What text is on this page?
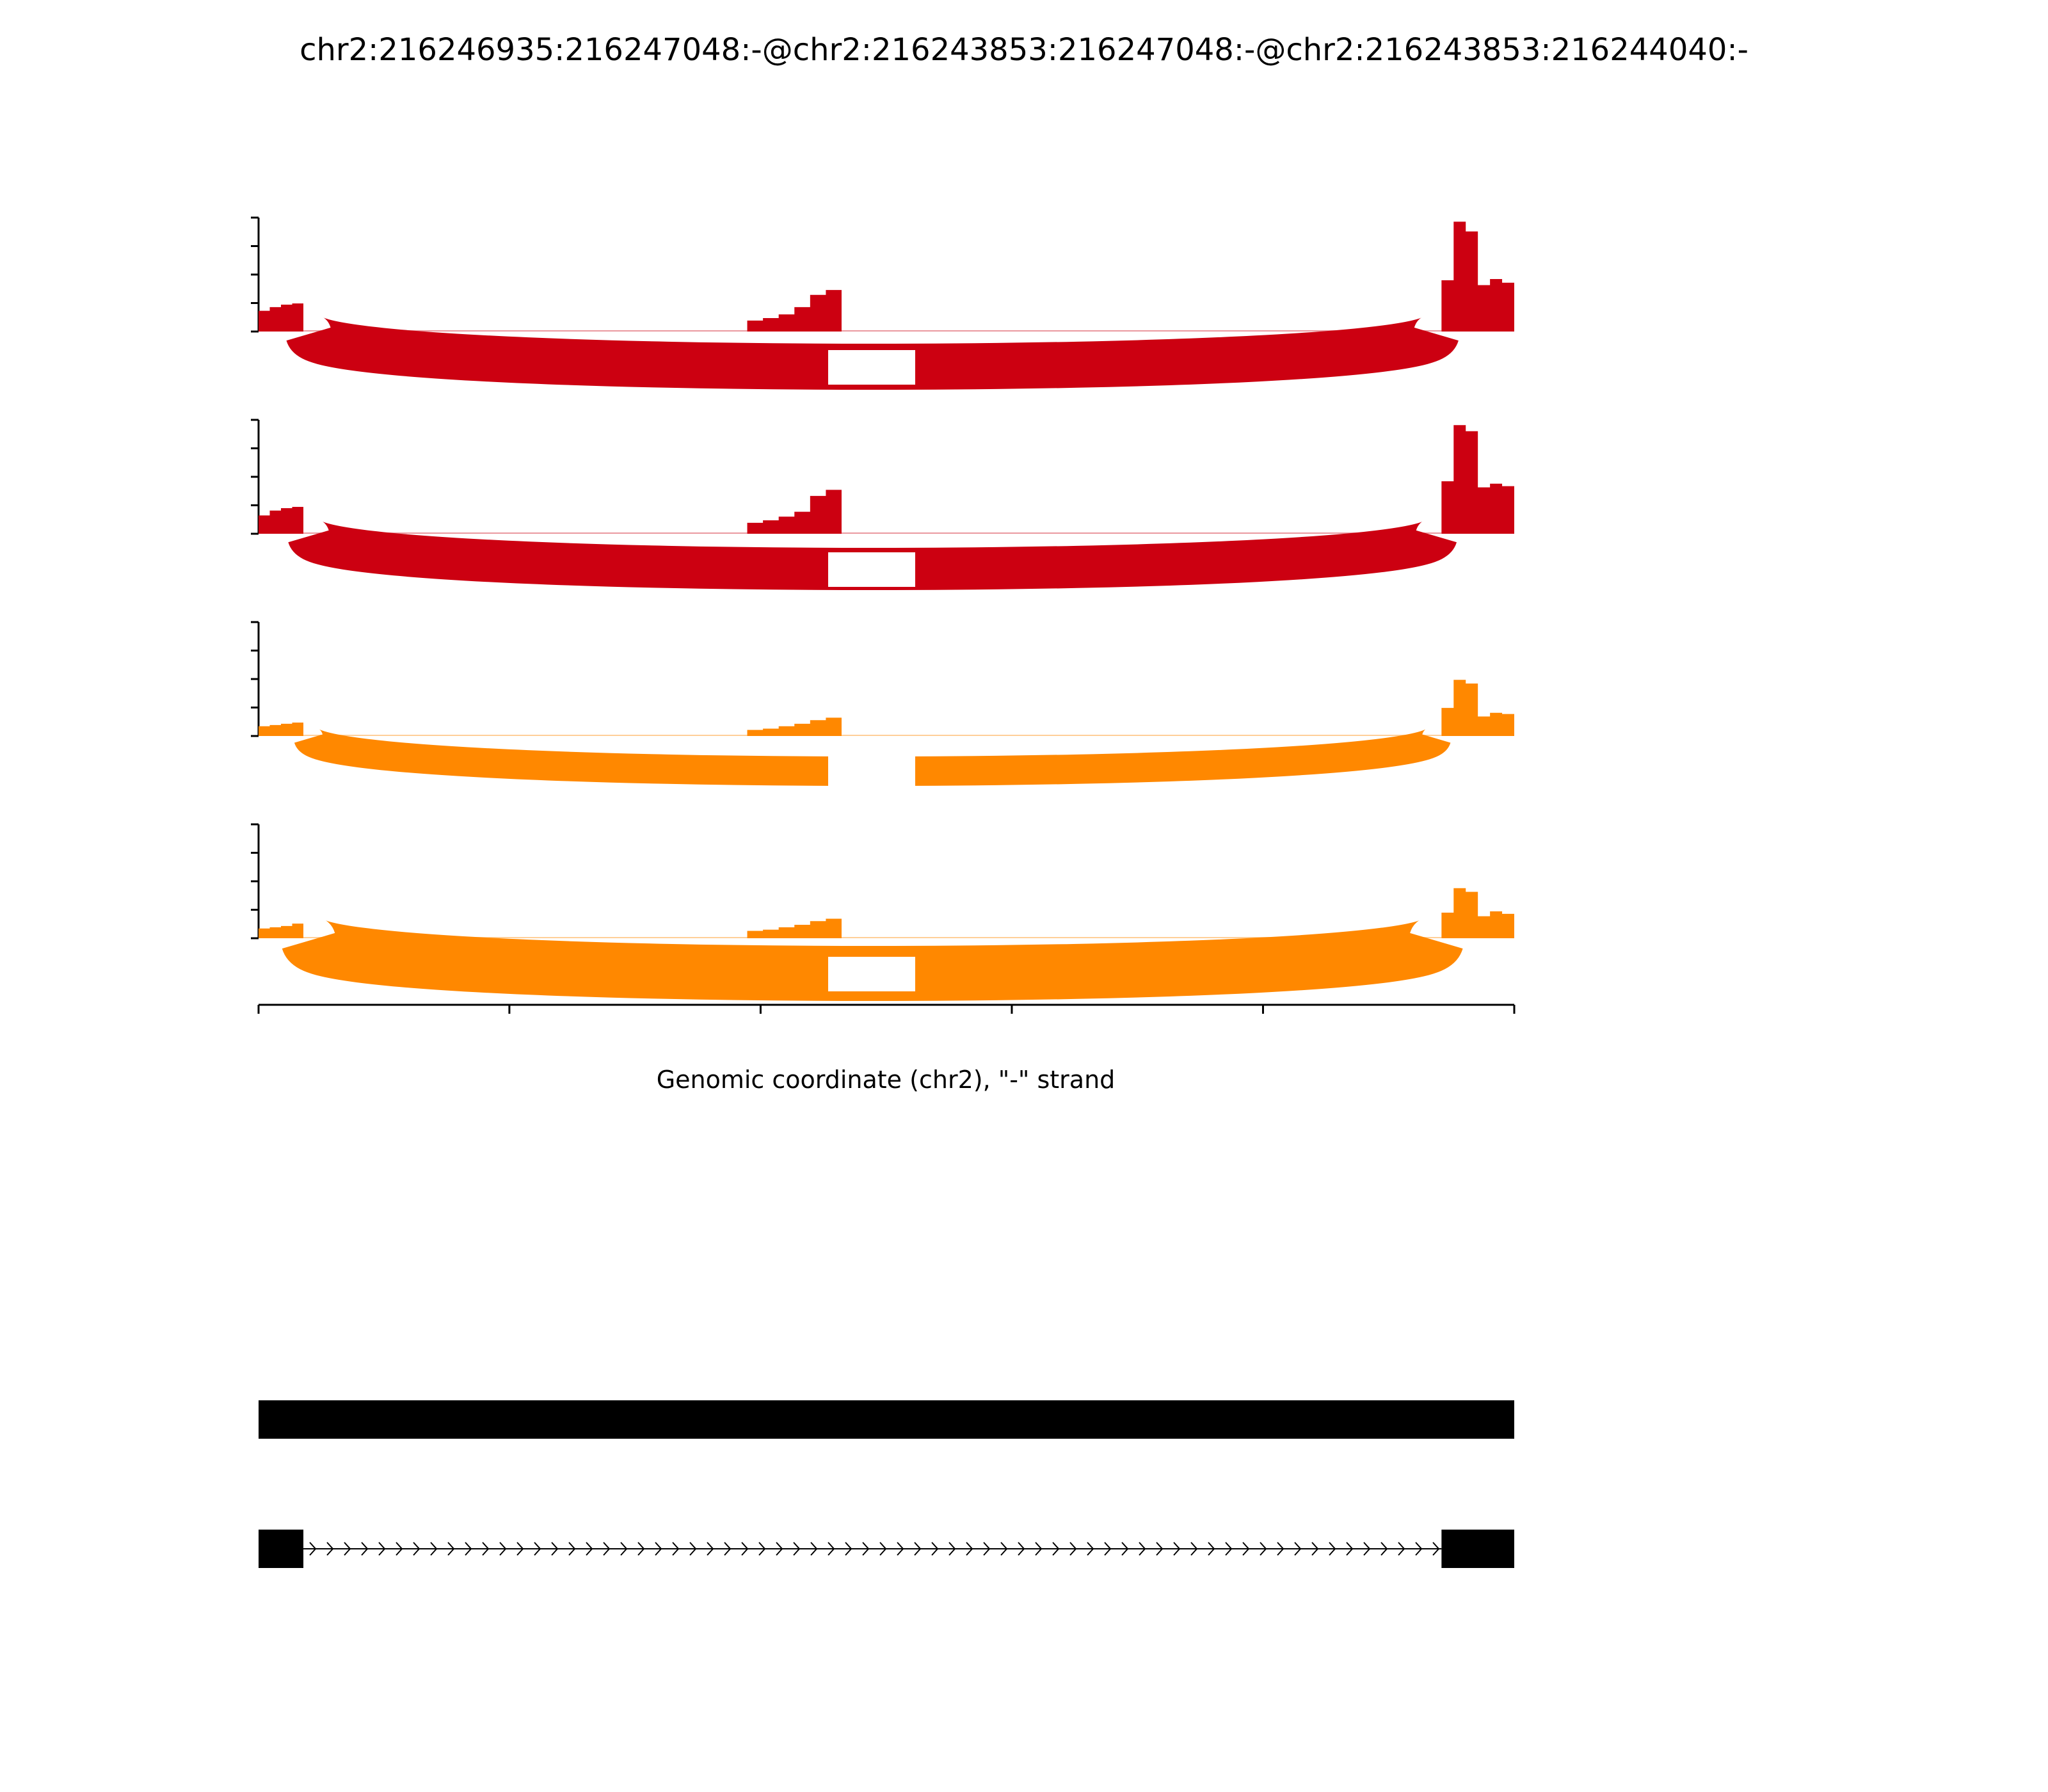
chr2:216246935:216247048:-@chr2:216243853:216247048:-@chr2:216243853:216244040:-
Genomic coordinate (chr2), "-" strand
